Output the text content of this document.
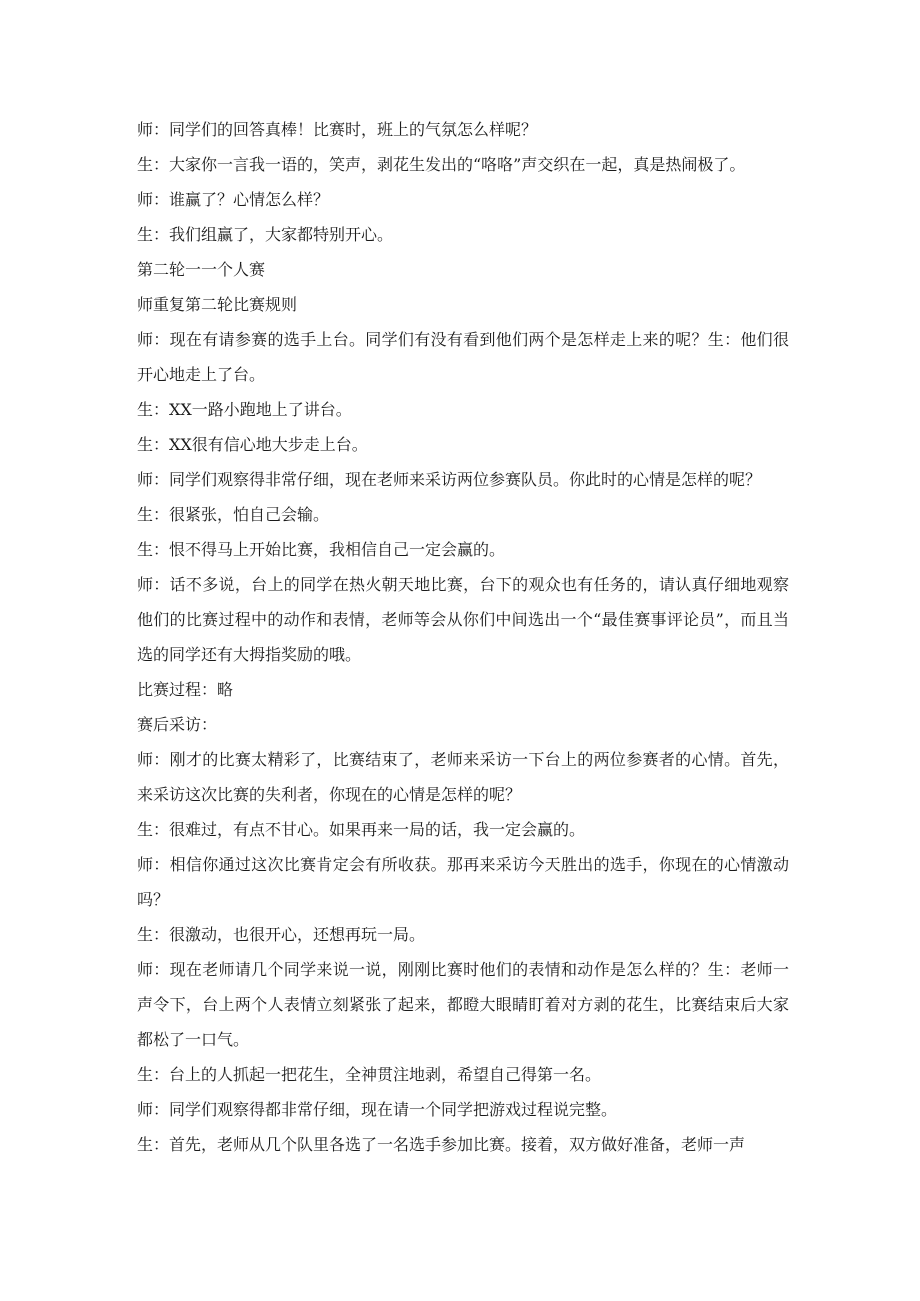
师：同学们的回答真棒！比赛时，班上的气氛怎么样呢？

生：大家你一言我一语的，笑声，剥花生发出的“咯咯”声交织在一起，真是热闹极了。

师：谁赢了？心情怎么样？

生：我们组赢了，大家都特别开心。

第二轮一一个人赛

师重复第二轮比赛规则

师：现在有请参赛的选手上台。同学们有没有看到他们两个是怎样走上来的呢？生：他们很开心地走上了台。

生：XX一路小跑地上了讲台。

生：XX很有信心地大步走上台。

师：同学们观察得非常仔细，现在老师来采访两位参赛队员。你此时的心情是怎样的呢？

生：很紧张，怕自己会输。

生：恨不得马上开始比赛，我相信自己一定会赢的。

师：话不多说，台上的同学在热火朝天地比赛，台下的观众也有任务的，请认真仔细地观察他们的比赛过程中的动作和表情，老师等会从你们中间选出一个“最佳赛事评论员”，而且当选的同学还有大拇指奖励的哦。

比赛过程：略

赛后采访：

师：刚才的比赛太精彩了，比赛结束了，老师来采访一下台上的两位参赛者的心情。首先，来采访这次比赛的失利者，你现在的心情是怎样的呢？

生：很难过，有点不甘心。如果再来一局的话，我一定会赢的。

师：相信你通过这次比赛肯定会有所收获。那再来采访今天胜出的选手，你现在的心情激动吗？

生：很激动，也很开心，还想再玩一局。

师：现在老师请几个同学来说一说，刚刚比赛时他们的表情和动作是怎么样的？生：老师一声令下，台上两个人表情立刻紧张了起来，都瞪大眼睛盯着对方剥的花生，比赛结束后大家都松了一口气。

生：台上的人抓起一把花生，全神贯注地剥，希望自己得第一名。

师：同学们观察得都非常仔细，现在请一个同学把游戏过程说完整。

生：首先，老师从几个队里各选了一名选手参加比赛。接着，双方做好准备，老师一声
